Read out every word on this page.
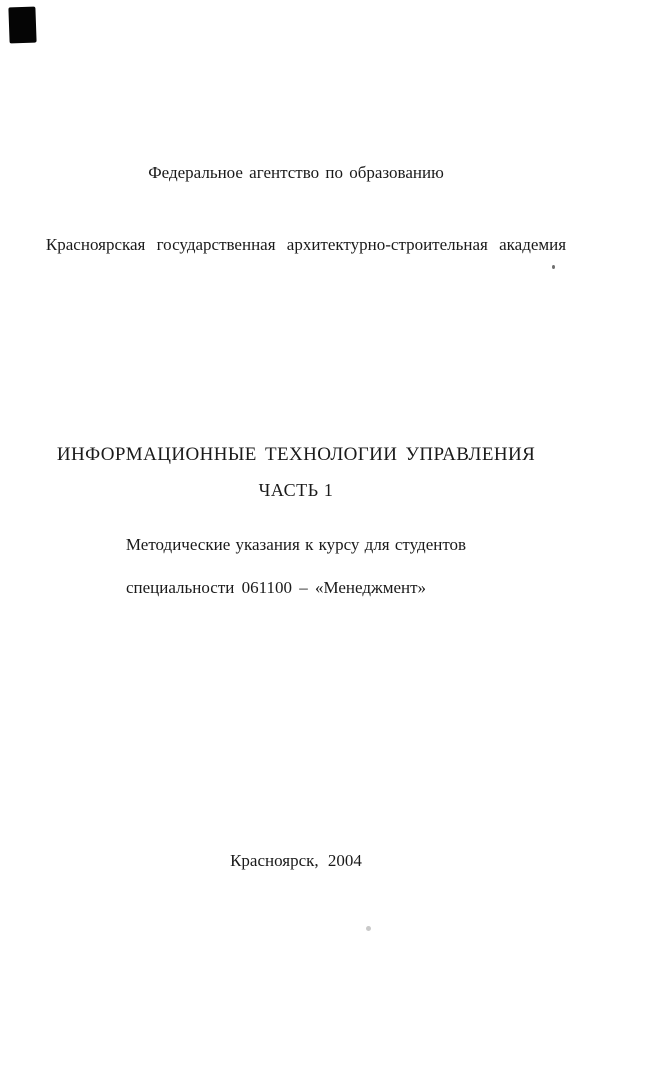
Федеральное агентство по образованию
Красноярская государственная архитектурно-строительная академия
ИНФОРМАЦИОННЫЕ ТЕХНОЛОГИИ УПРАВЛЕНИЯ
ЧАСТЬ 1
Методические указания к курсу для студентов
специальности 061100 – «Менеджмент»
Красноярск, 2004
